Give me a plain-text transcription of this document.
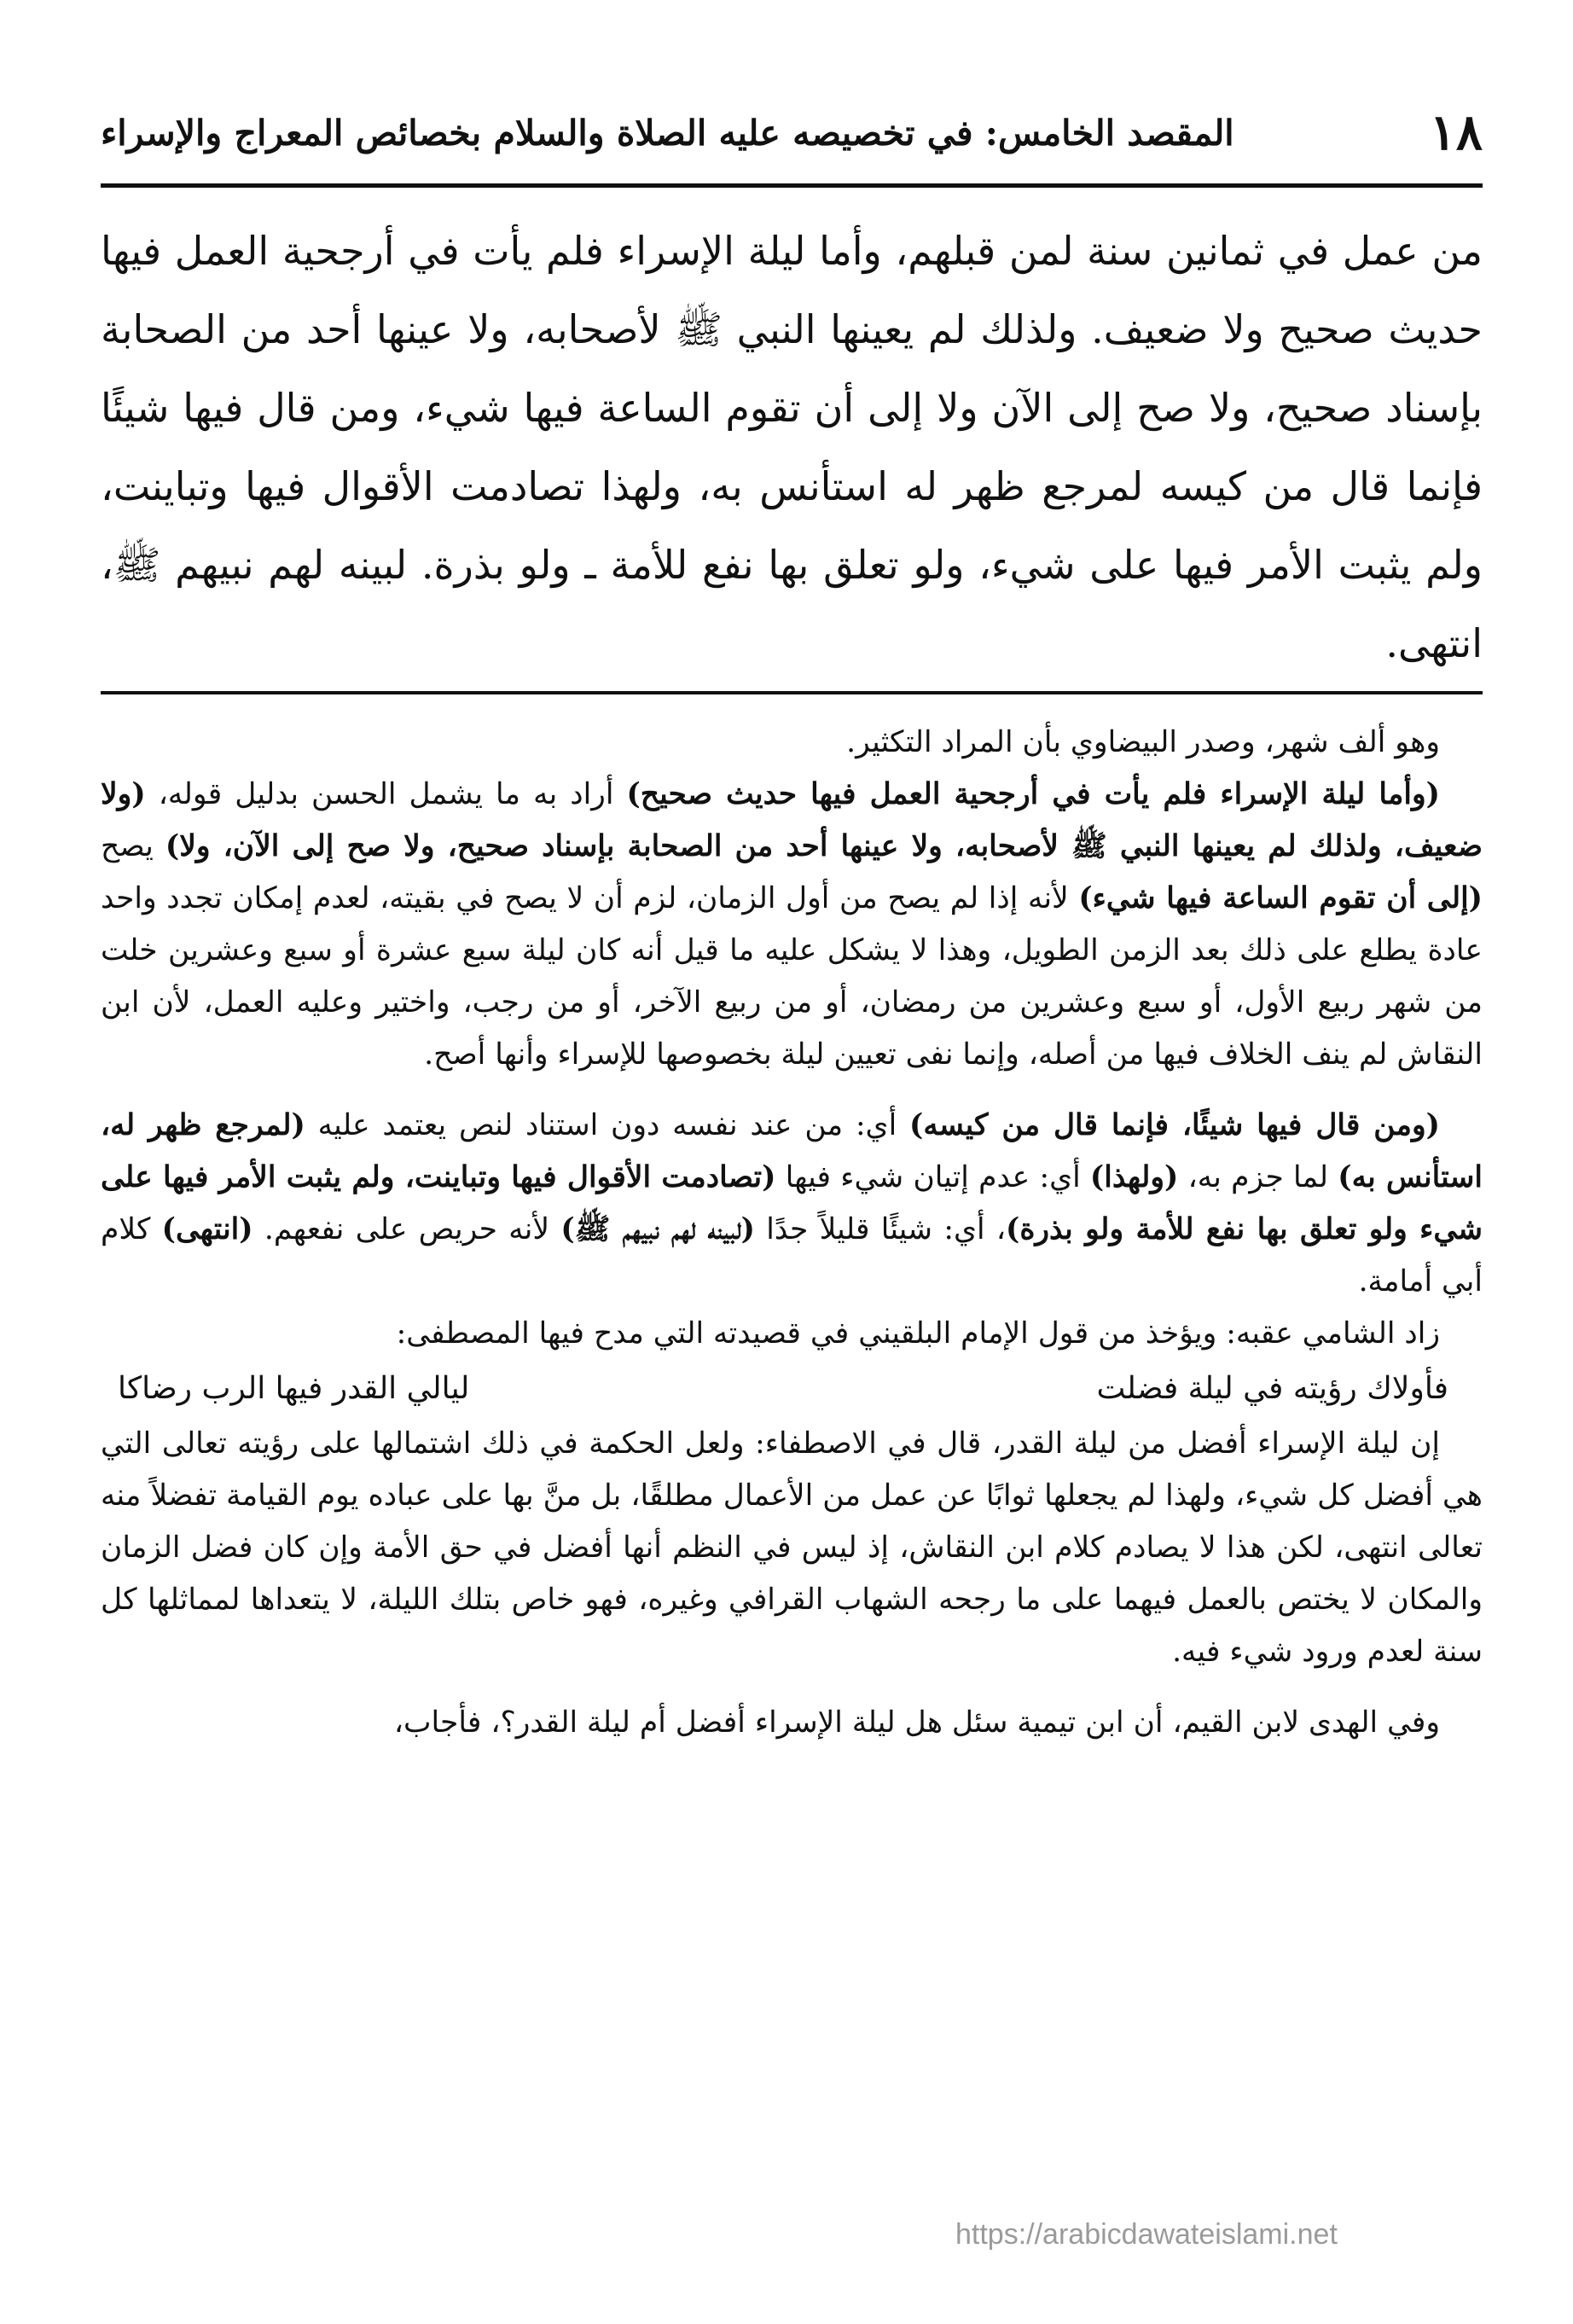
١٨
المقصد الخامس: في تخصيصه عليه الصلاة والسلام بخصائص المعراج والإسراء

من عمل في ثمانين سنة لمن قبلهم، وأما ليلة الإسراء فلم يأت في أرجحية العمل فيها حديث صحيح ولا ضعيف. ولذلك لم يعينها النبي ﷺ لأصحابه، ولا عينها أحد من الصحابة بإسناد صحيح، ولا صح إلى الآن ولا إلى أن تقوم الساعة فيها شيء، ومن قال فيها شيئًا فإنما قال من كيسه لمرجع ظهر له استأنس به، ولهذا تصادمت الأقوال فيها وتباينت، ولم يثبت الأمر فيها على شيء، ولو تعلق بها نفع للأمة ـ ولو بذرة. لبينه لهم نبيهم ﷺ، انتهى.

وهو ألف شهر، وصدر البيضاوي بأن المراد التكثير.

(وأما ليلة الإسراء فلم يأت في أرجحية العمل فيها حديث صحيح) أراد به ما يشمل الحسن بدليل قوله، (ولا ضعيف، ولذلك لم يعينها النبي ﷺ لأصحابه، ولا عينها أحد من الصحابة بإسناد صحيح، ولا صح إلى الآن، ولا) يصح (إلى أن تقوم الساعة فيها شيء) لأنه إذا لم يصح من أول الزمان، لزم أن لا يصح في بقيته، لعدم إمكان تجدد واحد عادة يطلع على ذلك بعد الزمن الطويل، وهذا لا يشكل عليه ما قيل أنه كان ليلة سبع عشرة أو سبع وعشرين خلت من شهر ربيع الأول، أو سبع وعشرين من رمضان، أو من ربيع الآخر، أو من رجب، واختير وعليه العمل، لأن ابن النقاش لم ينف الخلاف فيها من أصله، وإنما نفى تعيين ليلة بخصوصها للإسراء وأنها أصح.

(ومن قال فيها شيئًا، فإنما قال من كيسه) أي: من عند نفسه دون استناد لنص يعتمد عليه (لمرجع ظهر له، استأنس به) لما جزم به، (ولهذا) أي: عدم إتيان شيء فيها (تصادمت الأقوال فيها وتباينت، ولم يثبت الأمر فيها على شيء ولو تعلق بها نفع للأمة ولو بذرة)، أي: شيئًا قليلاً جدًا (لبينه لهم نبيهم ﷺ) لأنه حريص على نفعهم. (انتهى) كلام أبي أمامة.

زاد الشامي عقبه: ويؤخذ من قول الإمام البلقيني في قصيدته التي مدح فيها المصطفى:

فأولاك رؤيته في ليلة فضلت
ليالي القدر فيها الرب رضاكا

إن ليلة الإسراء أفضل من ليلة القدر، قال في الاصطفاء: ولعل الحكمة في ذلك اشتمالها على رؤيته تعالى التي هي أفضل كل شيء، ولهذا لم يجعلها ثوابًا عن عمل من الأعمال مطلقًا، بل منَّ بها على عباده يوم القيامة تفضلاً منه تعالى انتهى، لكن هذا لا يصادم كلام ابن النقاش، إذ ليس في النظم أنها أفضل في حق الأمة وإن كان فضل الزمان والمكان لا يختص بالعمل فيهما على ما رجحه الشهاب القرافي وغيره، فهو خاص بتلك الليلة، لا يتعداها لمماثلها كل سنة لعدم ورود شيء فيه.

وفي الهدى لابن القيم، أن ابن تيمية سئل هل ليلة الإسراء أفضل أم ليلة القدر؟، فأجاب،

https://arabicdawateislami.net
